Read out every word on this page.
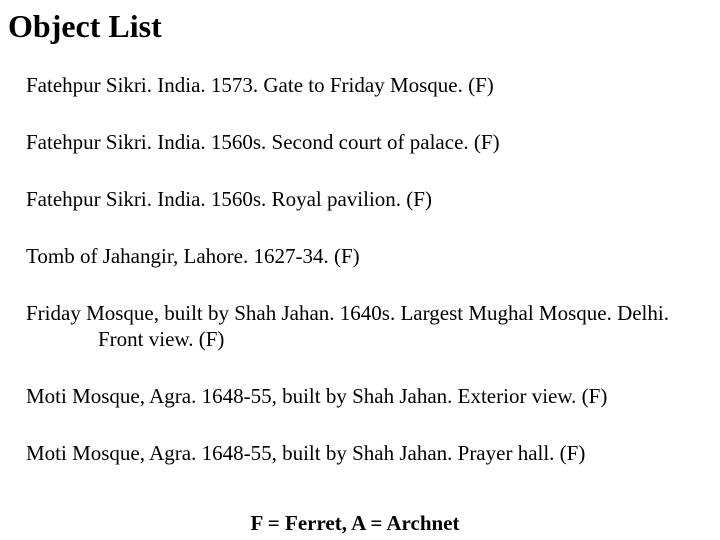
Object List
Fatehpur Sikri. India. 1573. Gate to Friday Mosque. (F)
Fatehpur Sikri. India. 1560s. Second court of palace. (F)
Fatehpur Sikri. India. 1560s. Royal pavilion. (F)
Tomb of Jahangir, Lahore. 1627-34. (F)
Friday Mosque, built by Shah Jahan. 1640s. Largest Mughal Mosque. Delhi. Front view. (F)
Moti Mosque, Agra. 1648-55, built by Shah Jahan. Exterior view. (F)
Moti Mosque, Agra. 1648-55, built by Shah Jahan. Prayer hall. (F)

F = Ferret, A = Archnet
